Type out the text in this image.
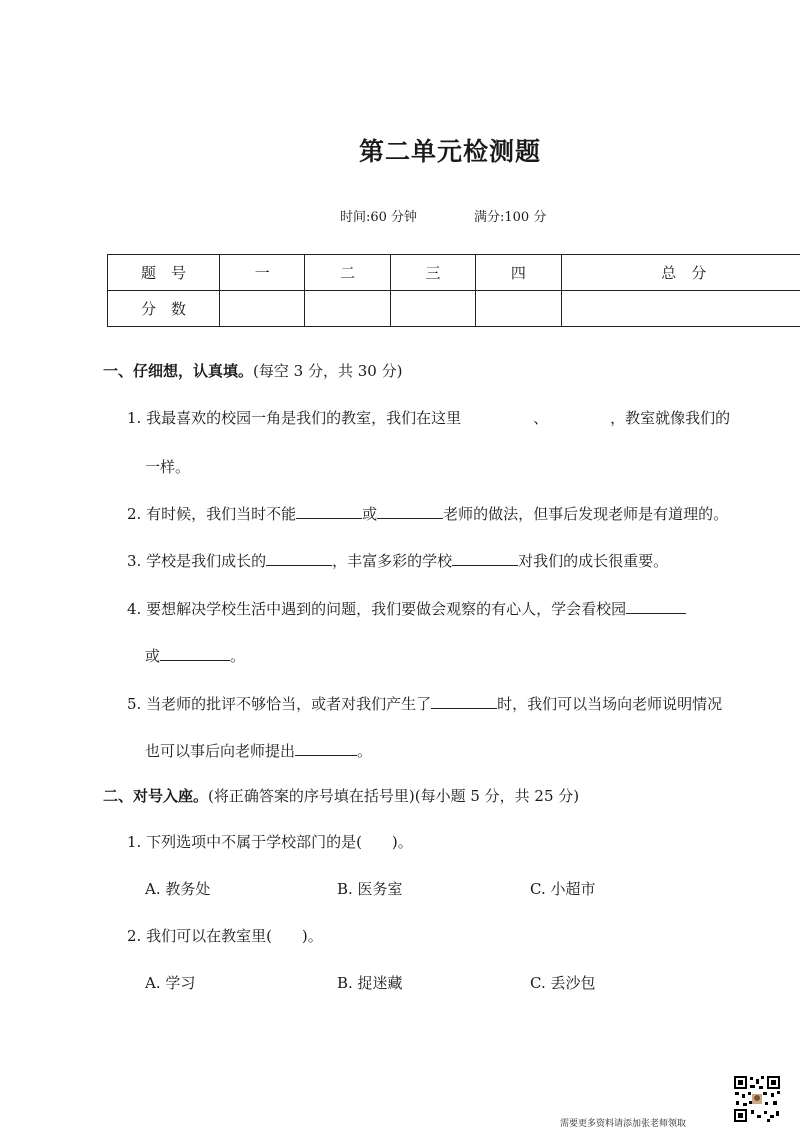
第二单元检测题
时间:60 分钟	满分:100 分
题　号	一	二	三	四	总　分
分　数					
一、仔细想，认真填。(每空 3 分，共 30 分)
1. 我最喜欢的校园一角是我们的教室，我们在这里	、	，教室就像我们的
一样。
2. 有时候，我们当时不能	或	老师的做法，但事后发现老师是有道理的。
3. 学校是我们成长的	，丰富多彩的学校	对我们的成长很重要。
4. 要想解决学校生活中遇到的问题，我们要做会观察的有心人，学会看校园
或	。
5. 当老师的批评不够恰当，或者对我们产生了	时，我们可以当场向老师说明情况
也可以事后向老师提出	。
二、对号入座。(将正确答案的序号填在括号里)(每小题 5 分，共 25 分)
1. 下列选项中不属于学校部门的是(　　)。
A. 教务处	B. 医务室	C. 小超市
2. 我们可以在教室里(　　)。
A. 学习	B. 捉迷藏	C. 丢沙包
需要更多资料请添加张老师领取
